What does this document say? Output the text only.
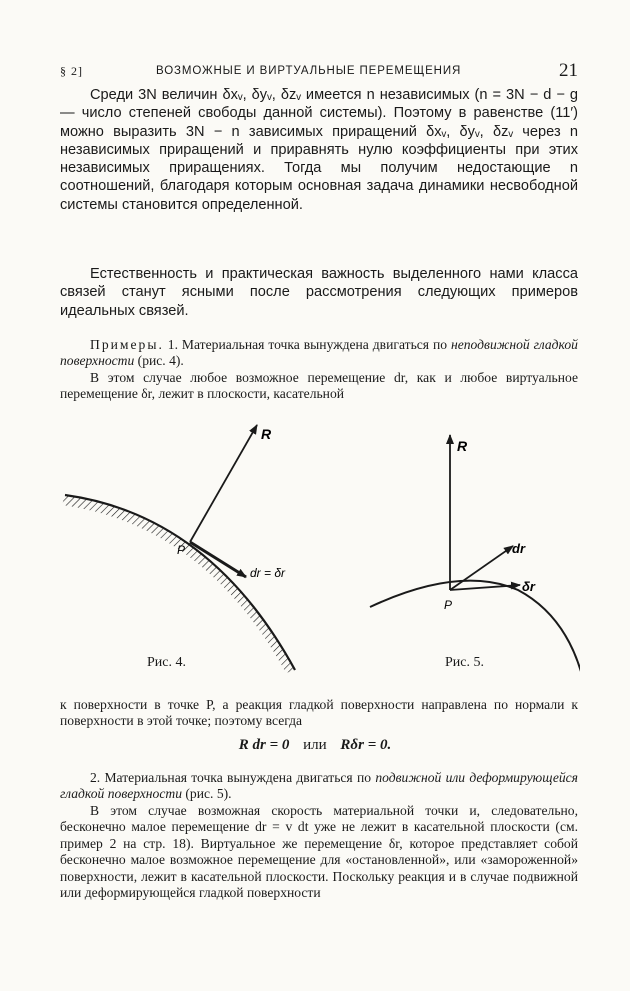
§ 2]	ВОЗМОЖНЫЕ И ВИРТУАЛЬНЫЕ ПЕРЕМЕЩЕНИЯ	21

Среди 3N величин δxᵥ, δyᵥ, δzᵥ имеется n независимых (n = 3N − d − g — число степеней свободы данной системы). Поэтому в равенстве (11′) можно выразить 3N − n зависимых приращений δxᵥ, δyᵥ, δzᵥ через n независимых приращений и приравнять нулю коэффициенты при этих независимых приращениях. Тогда мы получим недостающие n соотношений, благодаря которым основная задача динамики несвободной системы становится определенной.

Естественность и практическая важность выделенного нами класса связей станут ясными после рассмотрения следующих примеров идеальных связей.

Примеры. 1. Материальная точка вынуждена двигаться по неподвижной гладкой поверхности (рис. 4).

В этом случае любое возможное перемещение dr, как и любое виртуальное перемещение δr, лежит в плоскости, касательной

R
P
dr = δr
R
P
dr
δr
Рис. 4.	Рис. 5.

к поверхности в точке P, а реакция гладкой поверхности направлена по нормали к поверхности в этой точке; поэтому всегда

R dr = 0 или Rδr = 0.

2. Материальная точка вынуждена двигаться по подвижной или деформирующейся гладкой поверхности (рис. 5).

В этом случае возможная скорость материальной точки и, следовательно, бесконечно малое перемещение dr = v dt уже не лежит в касательной плоскости (см. пример 2 на стр. 18). Виртуальное же перемещение δr, которое представляет собой бесконечно малое возможное перемещение для «остановленной», или «замороженной» поверхности, лежит в касательной плоскости. Поскольку реакция и в случае подвижной или деформирующейся гладкой поверхности
